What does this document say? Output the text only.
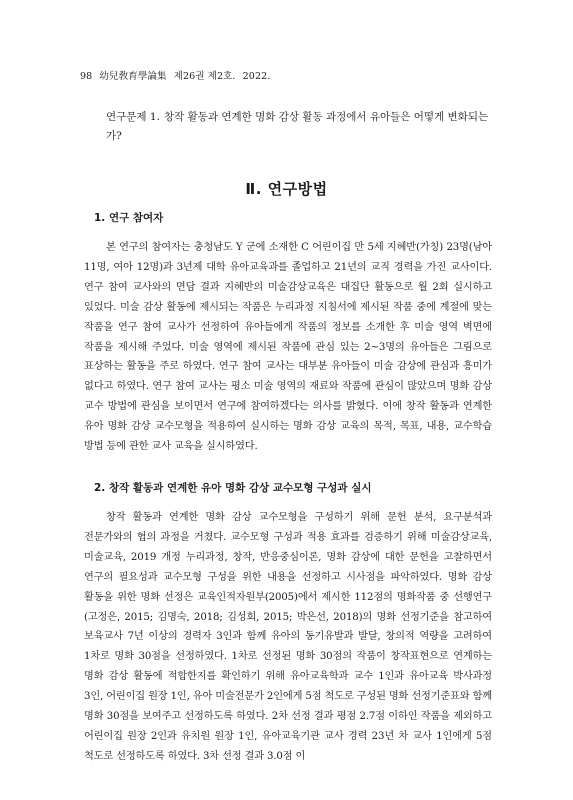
98 幼兒敎育學論集 제26권 제2호. 2022.
연구문제 1. 창작 활동과 연계한 명화 감상 활동 과정에서 유아들은 어떻게 변화되는가?
Ⅱ. 연구방법
1. 연구 참여자
본 연구의 참여자는 충청남도 Y 군에 소재한 C 어린이집 만 5세 지혜반(가칭) 23명(남아 11명, 여아 12명)과 3년제 대학 유아교육과를 졸업하고 21년의 교직 경력을 가진 교사이다. 연구 참여 교사와의 면담 결과 지혜반의 미술감상교육은 대집단 활동으로 월 2회 실시하고 있었다. 미술 감상 활동에 제시되는 작품은 누리과정 지침서에 제시된 작품 중에 계절에 맞는 작품을 연구 참여 교사가 선정하여 유아들에게 작품의 정보를 소개한 후 미술 영역 벽면에 작품을 제시해 주었다. 미술 영역에 제시된 작품에 관심 있는 2~3명의 유아들은 그림으로 표상하는 활동을 주로 하였다. 연구 참여 교사는 대부분 유아들이 미술 감상에 관심과 흥미가 없다고 하였다. 연구 참여 교사는 평소 미술 영역의 재료와 작품에 관심이 많았으며 명화 감상 교수 방법에 관심을 보이면서 연구에 참여하겠다는 의사를 밝혔다. 이에 창작 활동과 연계한 유아 명화 감상 교수모형을 적용하여 실시하는 명화 감상 교육의 목적, 목표, 내용, 교수학습 방법 등에 관한 교사 교육을 실시하였다.
2. 창작 활동과 연계한 유아 명화 감상 교수모형 구성과 실시
창작 활동과 연계한 명화 감상 교수모형을 구성하기 위해 문헌 분석, 요구분석과 전문가와의 협의 과정을 거쳤다. 교수모형 구성과 적용 효과를 검증하기 위해 미술감상교육, 미술교육, 2019 개정 누리과정, 창작, 반응중심이론, 명화 감상에 대한 문헌을 고찰하면서 연구의 필요성과 교수모형 구성을 위한 내용을 선정하고 시사점을 파악하였다. 명화 감상 활동을 위한 명화 선정은 교육인적자원부(2005)에서 제시한 112점의 명화작품 중 선행연구(고정은, 2015; 김명숙, 2018; 김성희, 2015; 박은선, 2018)의 명화 선정기준을 참고하여 보육교사 7년 이상의 경력자 3인과 함께 유아의 동기유발과 발달, 창의적 역량을 고려하여 1차로 명화 30점을 선정하였다. 1차로 선정된 명화 30점의 작품이 창작표현으로 연계하는 명화 감상 활동에 적합한지를 확인하기 위해 유아교육학과 교수 1인과 유아교육 박사과정 3인, 어린이집 원장 1인, 유아 미술전문가 2인에게 5점 척도로 구성된 명화 선정기준표와 함께 명화 30점을 보여주고 선정하도록 하였다. 2차 선정 결과 평점 2.7점 이하인 작품을 제외하고 어린이집 원장 2인과 유치원 원장 1인, 유아교육기관 교사 경력 23년 차 교사 1인에게 5점 척도로 선정하도록 하였다. 3차 선정 결과 3.0점 이
